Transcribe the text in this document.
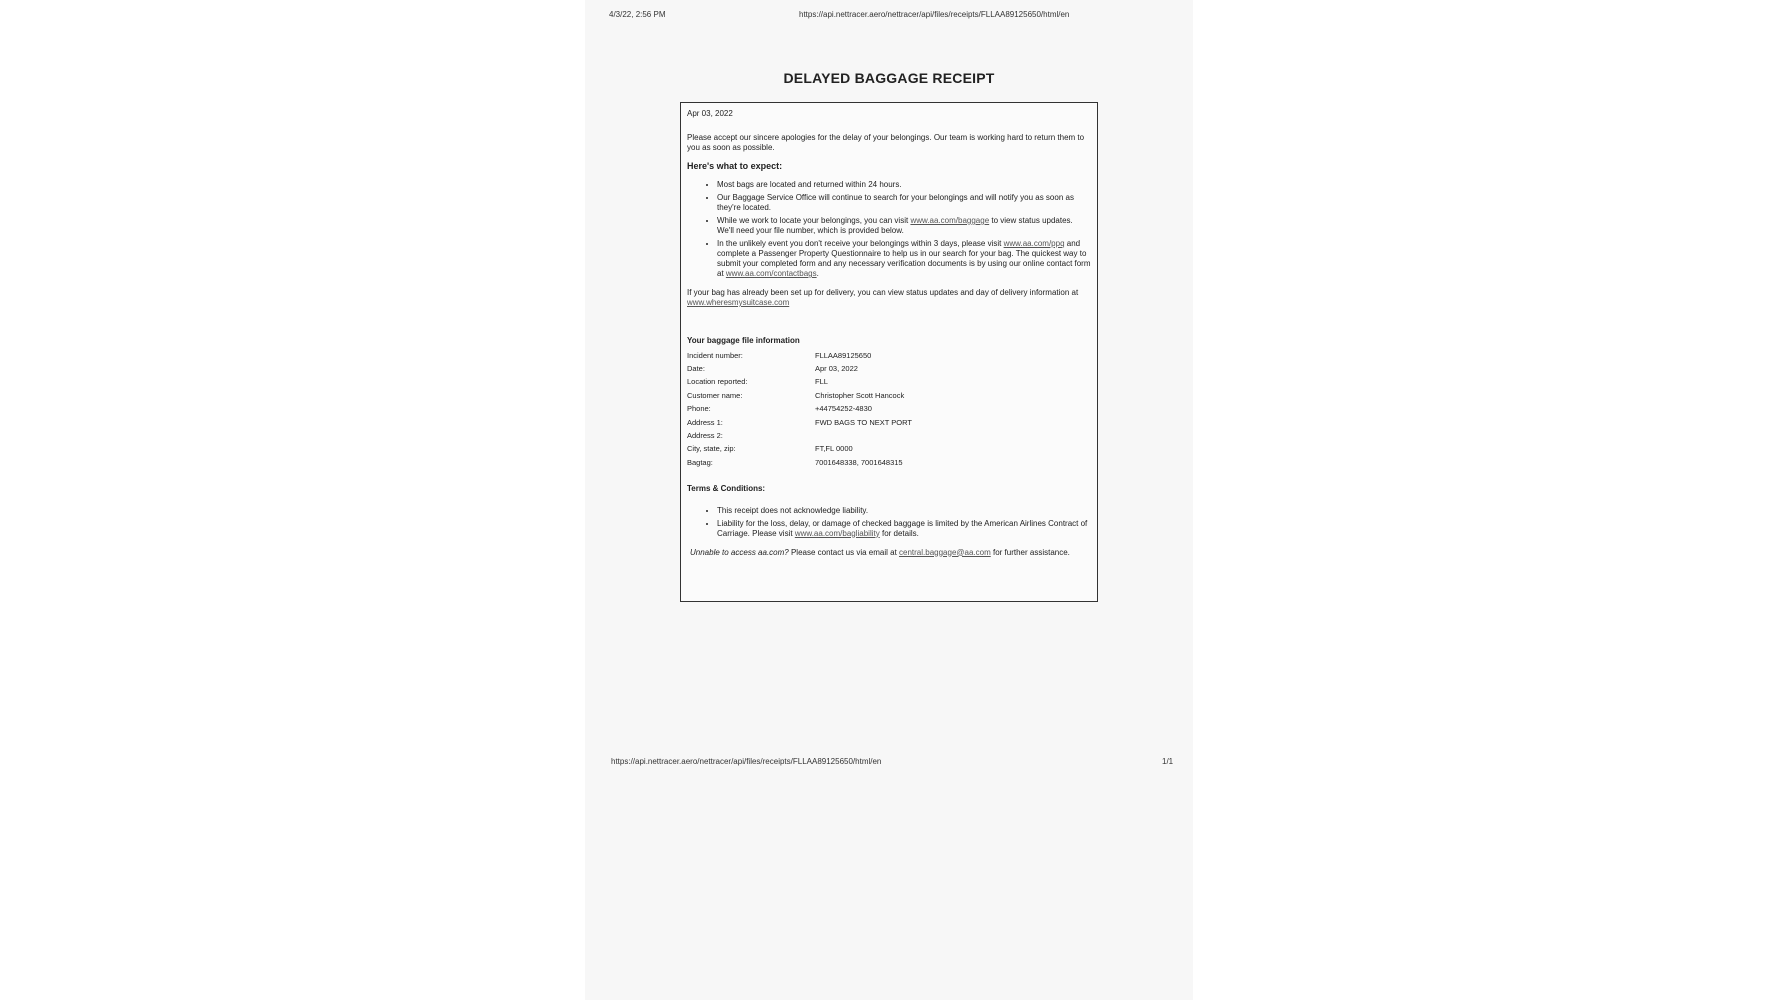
4/3/22, 2:56 PM	https://api.nettracer.aero/nettracer/api/files/receipts/FLLAA89125650/html/en
DELAYED BAGGAGE RECEIPT

Apr 03, 2022

Please accept our sincere apologies for the delay of your belongings. Our team is working hard to return them to you as soon as possible.

Here's what to expect:

• Most bags are located and returned within 24 hours.
• Our Baggage Service Office will continue to search for your belongings and will notify you as soon as they're located.
• While we work to locate your belongings, you can visit www.aa.com/baggage to view status updates. We'll need your file number, which is provided below.
• In the unlikely event you don't receive your belongings within 3 days, please visit www.aa.com/ppq and complete a Passenger Property Questionnaire to help us in our search for your bag. The quickest way to submit your completed form and any necessary verification documents is by using our online contact form at www.aa.com/contactbags.

If your bag has already been set up for delivery, you can view status updates and day of delivery information at www.wheresmysuitcase.com

Your baggage file information

Incident number:	FLLAA89125650
Date:	Apr 03, 2022
Location reported:	FLL
Customer name:	Christopher Scott Hancock
Phone:	+44754252-4830
Address 1:	FWD BAGS TO NEXT PORT
Address 2:	
City, state, zip:	FT,FL 0000
Bagtag:	7001648338, 7001648315

Terms & Conditions:

• This receipt does not acknowledge liability.
• Liability for the loss, delay, or damage of checked baggage is limited by the American Airlines Contract of Carriage. Please visit www.aa.com/bagliability for details.

Unnable to access aa.com? Please contact us via email at central.baggage@aa.com for further assistance.

https://api.nettracer.aero/nettracer/api/files/receipts/FLLAA89125650/html/en	1/1
